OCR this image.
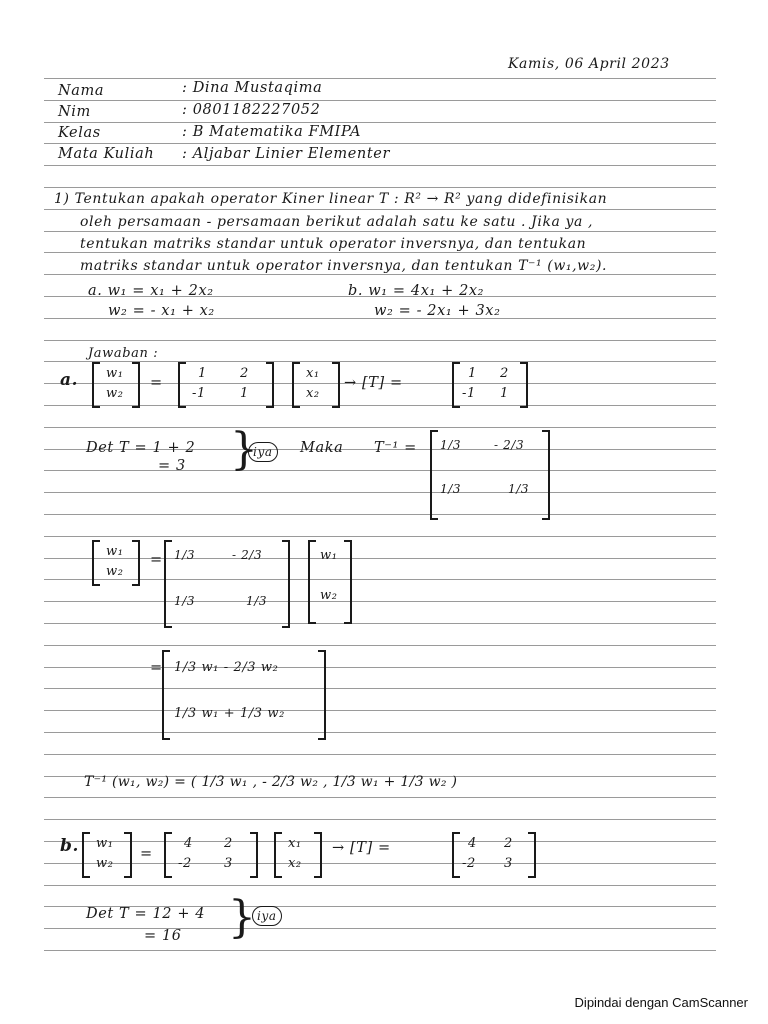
Kamis, 06 April 2023
Nama	: Dina Mustaqima
Nim	: 0801182227052
Kelas	: B Matematika FMIPA
Mata Kuliah : Aljabar Linier Elementer
1) Tentukan apakah operator Kiner linear T : R² → R² yang didefinisikan
oleh persamaan - persamaan berikut adalah satu ke satu . Jika ya ,
tentukan matriks standar untuk operator inversnya, dan tentukan
matriks standar untuk operator inversnya, dan tentukan T⁻¹ (w₁,w₂).
a. w₁ = x₁ + 2x₂
w₂ = - x₁ + x₂
b. w₁ = 4x₁ + 2x₂
w₂ = - 2x₁ + 3x₂
Jawaban :
a. w₁
w₂
=
1	2
-1	1
x₁
x₂
→ [T] =
1 2
-1 1
Det T = 1 + 2
= 3 }
iya	Maka T⁻¹ = 1/3	- 2/3
1/3	1/3
w₁
w₂
= 1/3	- 2/3
1/3	1/3
w₁
w₂
= 1/3 w₁ - 2/3 w₂
1/3 w₁ + 1/3 w₂
T⁻¹ (w₁, w₂) = ( 1/3 w₁ , - 2/3 w₂ , 1/3 w₁ + 1/3 w₂ )
b. w₁
w₂
=
4 2
-2 3
x₁
x₂
→ [T] =	4 2
-2 3
Det T = 12 + 4
= 16 } iya
Dipindai dengan CamScanner
